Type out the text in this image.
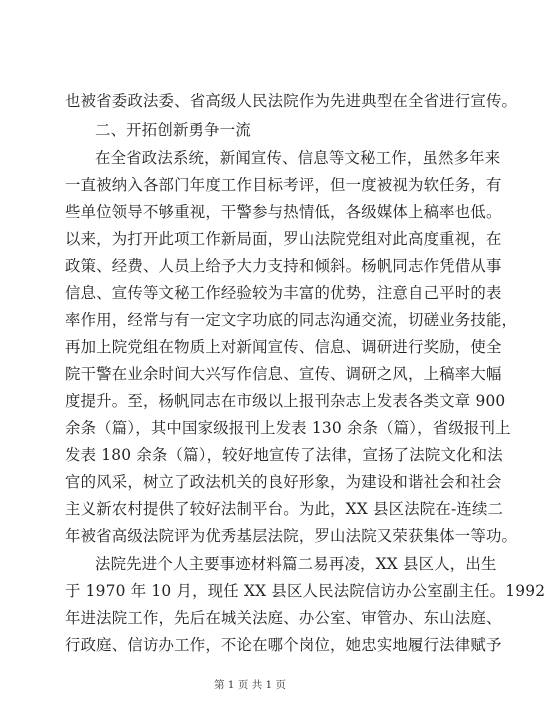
也被省委政法委、省高级人民法院作为先进典型在全省进行宣传。
二、开拓创新勇争一流
在全省政法系统，新闻宣传、信息等文秘工作，虽然多年来
一直被纳入各部门年度工作目标考评，但一度被视为软任务，有
些单位领导不够重视，干警参与热情低，各级媒体上稿率也低。
以来，为打开此项工作新局面，罗山法院党组对此高度重视，在
政策、经费、人员上给予大力支持和倾斜。杨帆同志作凭借从事
信息、宣传等文秘工作经验较为丰富的优势，注意自己平时的表
率作用，经常与有一定文字功底的同志沟通交流，切磋业务技能，
再加上院党组在物质上对新闻宣传、信息、调研进行奖励，使全
院干警在业余时间大兴写作信息、宣传、调研之风，上稿率大幅
度提升。至，杨帆同志在市级以上报刊杂志上发表各类文章 900
余条（篇），其中国家级报刊上发表 130 余条（篇），省级报刊上
发表 180 余条（篇），较好地宣传了法律，宣扬了法院文化和法
官的风采，树立了政法机关的良好形象，为建设和谐社会和社会
主义新农村提供了较好法制平台。为此，XX 县区法院在-连续二
年被省高级法院评为优秀基层法院，罗山法院又荣获集体一等功。
法院先进个人主要事迹材料篇二易再凌，XX 县区人，出生
于 1970 年 10 月，现任 XX 县区人民法院信访办公室副主任。1992
年进法院工作，先后在城关法庭、办公室、审管办、东山法庭、
行政庭、信访办工作，不论在哪个岗位，她忠实地履行法律赋予
第 1 页 共 1 页
